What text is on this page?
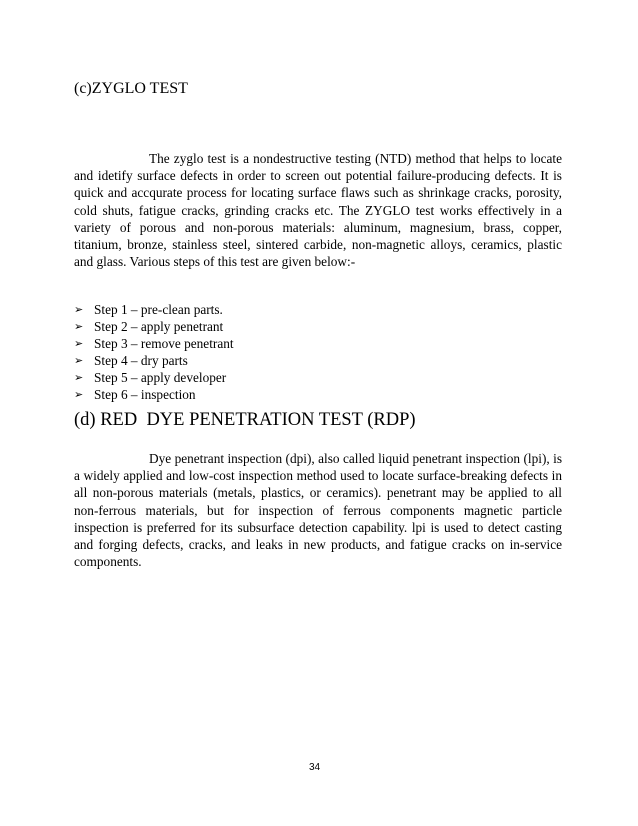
(c)ZYGLO TEST

The zyglo test is a nondestructive testing (NTD) method that helps to locate and idetify surface defects in order to screen out potential failure-producing defects. It is quick and accqurate process for locating surface flaws such as shrinkage cracks, porosity, cold shuts, fatigue cracks, grinding cracks etc. The ZYGLO test works effectively in a variety of porous and non-porous materials: aluminum, magnesium, brass, copper, titanium, bronze, stainless steel, sintered carbide, non-magnetic alloys, ceramics, plastic and glass. Various steps of this test are given below:-

➢ Step 1 – pre-clean parts.
➢ Step 2 – apply penetrant
➢ Step 3 – remove penetrant
➢ Step 4 – dry parts
➢ Step 5 – apply developer
➢ Step 6 – inspection
(d) RED  DYE PENETRATION TEST (RDP)

Dye penetrant inspection (dpi), also called liquid penetrant inspection (lpi), is a widely applied and low-cost inspection method used to locate surface-breaking defects in all non-porous materials (metals, plastics, or ceramics). penetrant may be applied to all non-ferrous materials, but for inspection of ferrous components magnetic particle inspection is preferred for its subsurface detection capability. lpi is used to detect casting and forging defects, cracks, and leaks in new products, and fatigue cracks on in-service components.

34
